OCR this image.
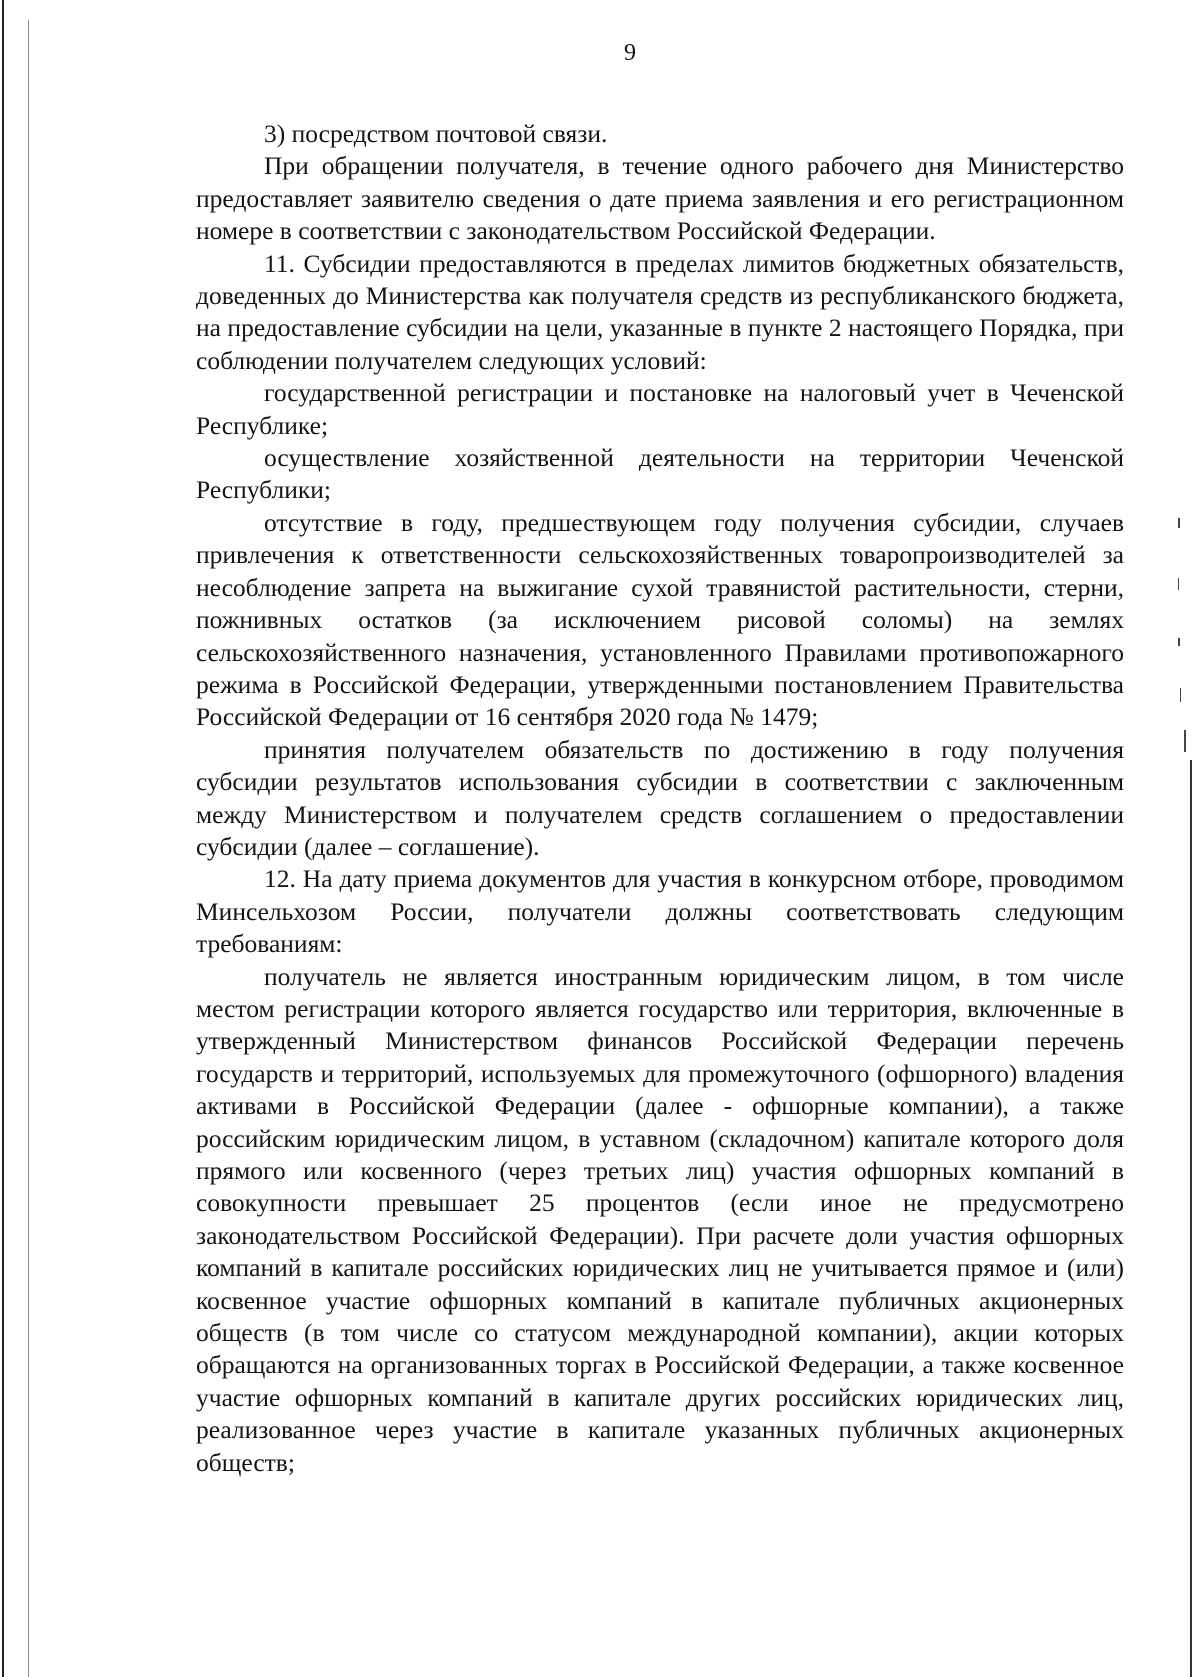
9

3) посредством почтовой связи.

При обращении получателя, в течение одного рабочего дня Министерство предоставляет заявителю сведения о дате приема заявления и его регистрационном номере в соответствии с законодательством Российской Федерации.

11. Субсидии предоставляются в пределах лимитов бюджетных обязательств, доведенных до Министерства как получателя средств из республиканского бюджета, на предоставление субсидии на цели, указанные в пункте 2 настоящего Порядка, при соблюдении получателем следующих условий:

государственной регистрации и постановке на налоговый учет в Чеченской Республике;

осуществление хозяйственной деятельности на территории Чеченской Республики;

отсутствие в году, предшествующем году получения субсидии, случаев привлечения к ответственности сельскохозяйственных товаропроизводителей за несоблюдение запрета на выжигание сухой травянистой растительности, стерни, пожнивных остатков (за исключением рисовой соломы) на землях сельскохозяйственного назначения, установленного Правилами противопожарного режима в Российской Федерации, утвержденными постановлением Правительства Российской Федерации от 16 сентября 2020 года № 1479;

принятия получателем обязательств по достижению в году получения субсидии результатов использования субсидии в соответствии с заключенным между Министерством и получателем средств соглашением о предоставлении субсидии (далее – соглашение).

12. На дату приема документов для участия в конкурсном отборе, проводимом Минсельхозом России, получатели должны соответствовать следующим требованиям:

получатель не является иностранным юридическим лицом, в том числе местом регистрации которого является государство или территория, включенные в утвержденный Министерством финансов Российской Федерации перечень государств и территорий, используемых для промежуточного (офшорного) владения активами в Российской Федерации (далее - офшорные компании), а также российским юридическим лицом, в уставном (складочном) капитале которого доля прямого или косвенного (через третьих лиц) участия офшорных компаний в совокупности превышает 25 процентов (если иное не предусмотрено законодательством Российской Федерации). При расчете доли участия офшорных компаний в капитале российских юридических лиц не учитывается прямое и (или) косвенное участие офшорных компаний в капитале публичных акционерных обществ (в том числе со статусом международной компании), акции которых обращаются на организованных торгах в Российской Федерации, а также косвенное участие офшорных компаний в капитале других российских юридических лиц, реализованное через участие в капитале указанных публичных акционерных обществ;
